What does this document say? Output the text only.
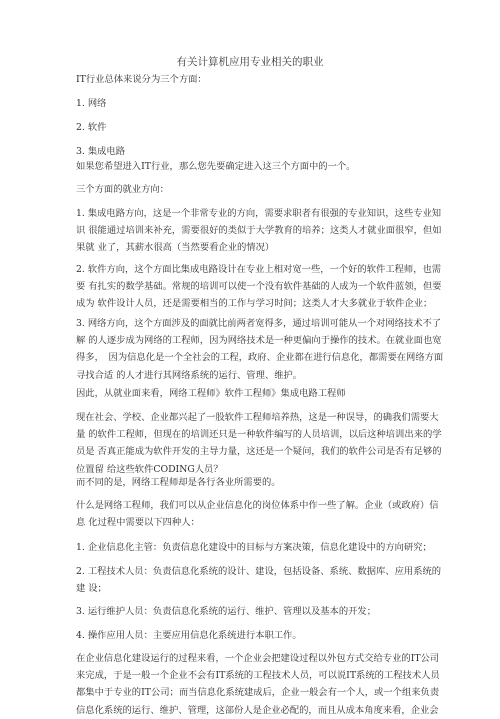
有关计算机应用专业相关的职业
IT行业总体来说分为三个方面：
1. 网络
2. 软件
3. 集成电路
如果您希望进入IT行业，那么您先要确定进入这三个方面中的一个。
三个方面的就业方向：
1. 集成电路方向，这是一个非常专业的方向，需要求职者有很强的专业知识，这些专业知
识 很能通过培训来补充，需要很好的类似于大学教育的培养；这类人才就业面很窄，但如
果就 业了，其薪水很高（当然要看企业的情况）
2. 软件方向，这个方面比集成电路设计在专业上相对宽一些，一个好的软件工程师，也需
要 有扎实的数学基础。常规的培训可以使一个没有软件基础的人成为一个软件蓝领，但要
成为 软件设计人员，还是需要相当的工作与学习时间；这类人才大多就业于软件企业；
3. 网络方向，这个方面涉及的面就比前两者宽得多，通过培训可能从一个对网络技术不了
解 的人逐步成为网络的工程师，因为网络技术是一种更偏向于操作的技术。在就业面也宽
得多，　因为信息化是一个全社会的工程，政府、企业都在进行信息化，都需要在网络方面
寻找合适 的人才进行其网络系统的运行、管理、维护。
因此，从就业面来看，网络工程师》软件工程师》集成电路工程师
现在社会、学校、企业都兴起了一股软件工程师培养热，这是一种误导，的确我们需要大
量 的软件工程师，但现在的培训还只是一种软件编写的人员培训，以后这种培训出来的学
员是 否真正能成为软件开发的主导力量，这还是一个疑问，我们的软件公司是否有足够的
位置留 给这些软件CODING人员？
而不同的是，网络工程师却是各行各业所需要的。
什么是网络工程师，我们可以从企业信息化的岗位体系中作一些了解。企业（或政府）信
息 化过程中需要以下四种人：
1. 企业信息化主管：负责信息化建设中的目标与方案决策，信息化建设中的方向研究；
2. 工程技术人员：负责信息化系统的设计、建设，包括设备、系统、数据库、应用系统的
建 设；
3. 运行维护人员：负责信息化系统的运行、维护、管理以及基本的开发；
4. 操作应用人员：主要应用信息化系统进行本职工作。
在企业信息化建设运行的过程来看，一个企业会把建设过程以外包方式交给专业的IT公司
来完成，于是一般一个企业不会有IT系统的工程技术人员，可以说IT系统的工程技术人员
都集中于专业的IT公司；而当信息化系统建成后，企业一般会有一个人，或一个组来负责
信息化系统的运行、维护、管理，这部份人是企业必配的，而且从成本角度来看，企业会
